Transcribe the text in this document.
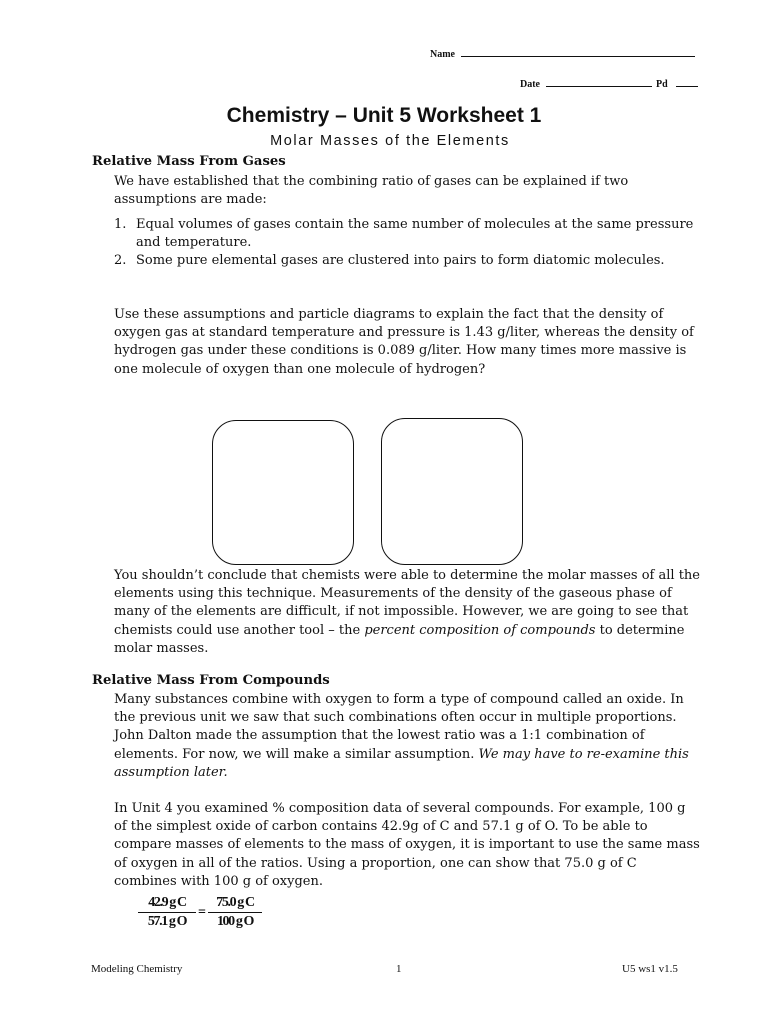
Name
Date	Pd
Chemistry – Unit 5 Worksheet 1
Molar Masses of the Elements
Relative Mass From Gases

We have established that the combining ratio of gases can be explained if two assumptions are made:

1. Equal volumes of gases contain the same number of molecules at the same pressure and temperature.
2. Some pure elemental gases are clustered into pairs to form diatomic molecules.

Use these assumptions and particle diagrams to explain the fact that the density of oxygen gas at standard temperature and pressure is 1.43 g/liter, whereas the density of hydrogen gas under these conditions is 0.089 g/liter. How many times more massive is one molecule of oxygen than one molecule of hydrogen?

You shouldn’t conclude that chemists were able to determine the molar masses of all the elements using this technique. Measurements of the density of the gaseous phase of many of the elements are difficult, if not impossible. However, we are going to see that chemists could use another tool – the percent composition of compounds to determine molar masses.

Relative Mass From Compounds

Many substances combine with oxygen to form a type of compound called an oxide. In the previous unit we saw that such combinations often occur in multiple proportions. John Dalton made the assumption that the lowest ratio was a 1:1 combination of elements. For now, we will make a similar assumption. We may have to re-examine this assumption later.

In Unit 4 you examined % composition data of several compounds. For example, 100 g of the simplest oxide of carbon contains 42.9g of C and 57.1 g of O. To be able to compare masses of elements to the mass of oxygen, it is important to use the same mass of oxygen in all of the ratios. Using a proportion, one can show that 75.0 g of C combines with 100 g of oxygen.

42.9 g C
57.1 g O
=
75.0 g C
100 g O
Modeling Chemistry	1	U5 ws1 v1.5
